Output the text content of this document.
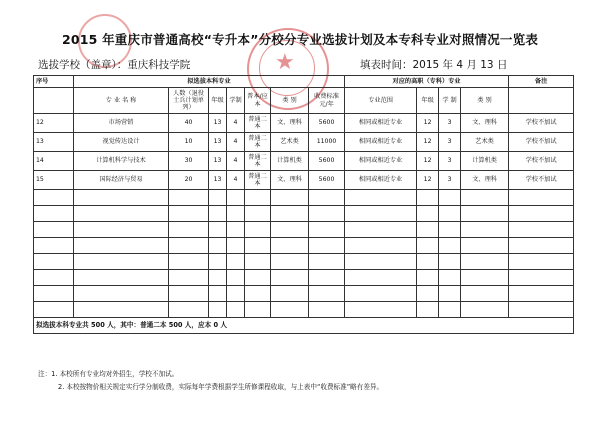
★
2015 年重庆市普通高校“专升本”分校分专业选拔计划及本专科专业对照情况一览表
选拔学校（盖章）：重庆科技学院	填表时间：2015 年 4 月 13 日
序号	拟选拔本科专业							对应的高职（专科）专业				备注
	专 业 名 称	人数（退役士兵计划单列）	年级	学制	普本/应本	类 别	收费标准元/年	专业范围	年级	学 制	类 别	
12	市场营销	40	13	4	普通二本	文、理科	5600	相同或相近专业	12	3	文、理科	学校不加试
13	视觉传达设计	10	13	4	普通二本	艺术类	11000	相同或相近专业	12	3	艺术类	学校不加试
14	计算机科学与技术	30	13	4	普通二本	计算机类	5600	相同或相近专业	12	3	计算机类	学校不加试
15	国际经济与贸易	20	13	4	普通二本	文、理科	5600	相同或相近专业	12	3	文、理科	学校不加试

拟选拔本科专业共 500 人，其中：普通二本 500 人，应本 0 人												
注：1. 本校所有专业均对外招生，学校不加试。
2. 本校按物价相关规定实行学分制收费，实际每年学费根据学生所修课程收取，与上表中“收费标准”略有差异。
